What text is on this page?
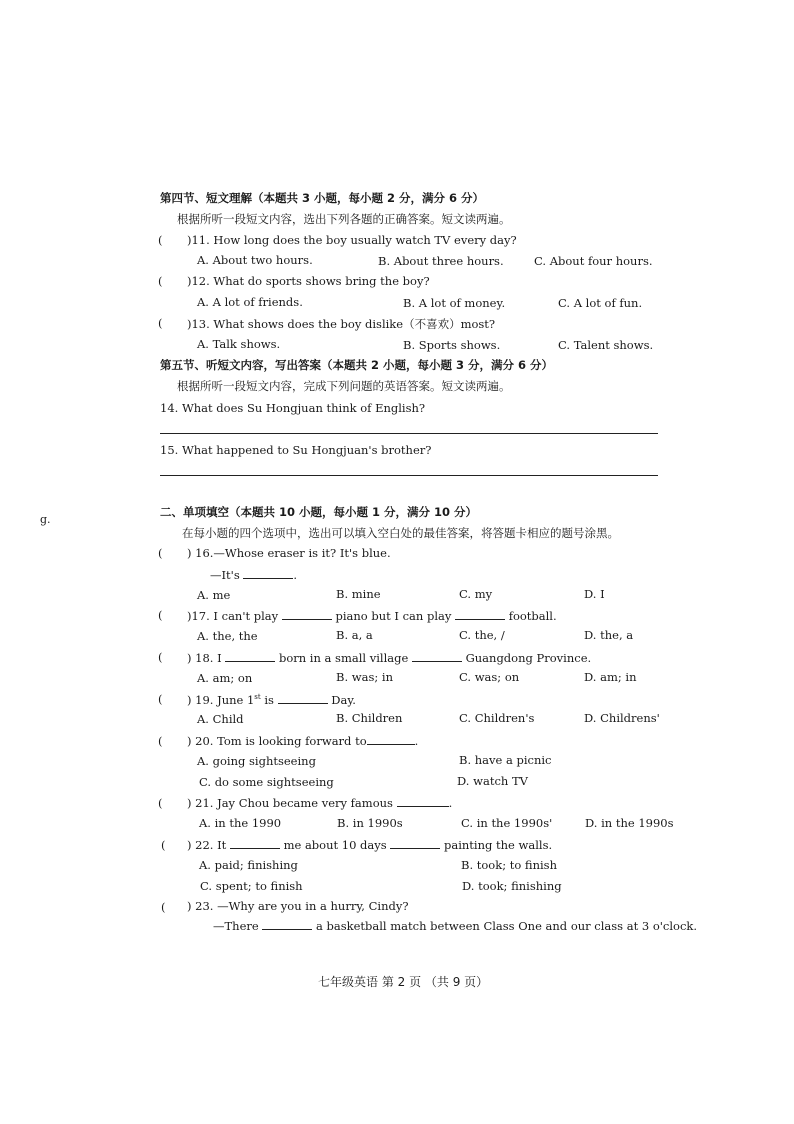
第四节、短文理解（本题共 3 小题，每小题 2 分，满分 6 分）
根据所听一段短文内容，选出下列各题的正确答案。短文读两遍。
( )11. How long does the boy usually watch TV every day?
A. About two hours.	B. About three hours.	C. About four hours.
( )12. What do sports shows bring the boy?
A. A lot of friends.	B. A lot of money.	C. A lot of fun.
( )13. What shows does the boy dislike（不喜欢）most?
A. Talk shows.	B. Sports shows.	C. Talent shows.
第五节、听短文内容，写出答案（本题共 2 小题，每小题 3 分，满分 6 分）
根据所听一段短文内容，完成下列问题的英语答案。短文读两遍。
14. What does Su Hongjuan think of English?
15. What happened to Su Hongjuan's brother?
g.
二、单项填空（本题共 10 小题，每小题 1 分，满分 10 分）
在每小题的四个选项中，选出可以填入空白处的最佳答案，将答题卡相应的题号涂黑。
( ) 16.—Whose eraser is it? It's blue.
—It's	.
A. me	B. mine	C. my	D. I
( )17. I can't play	piano but I can play	football.
A. the, the	B. a, a	C. the, /	D. the, a
( ) 18. I	born in a small village	Guangdong Province.
A. am; on	B. was; in	C. was; on	D. am; in
( ) 19. June 1st is	Day.
A. Child	B. Children	C. Children's	D. Childrens'
( ) 20. Tom is looking forward to	.
A. going sightseeing	B. have a picnic
C. do some sightseeing	D. watch TV
( ) 21. Jay Chou became very famous	.
A. in the 1990	B. in 1990s	C. in the 1990s'	D. in the 1990s
( ) 22. It	me about 10 days	painting the walls.
A. paid; finishing	B. took; to finish
C. spent; to finish	D. took; finishing
( ) 23. —Why are you in a hurry, Cindy?
—There	a basketball match between Class One and our class at 3 o'clock.
七年级英语 第 2 页 （共 9 页）
